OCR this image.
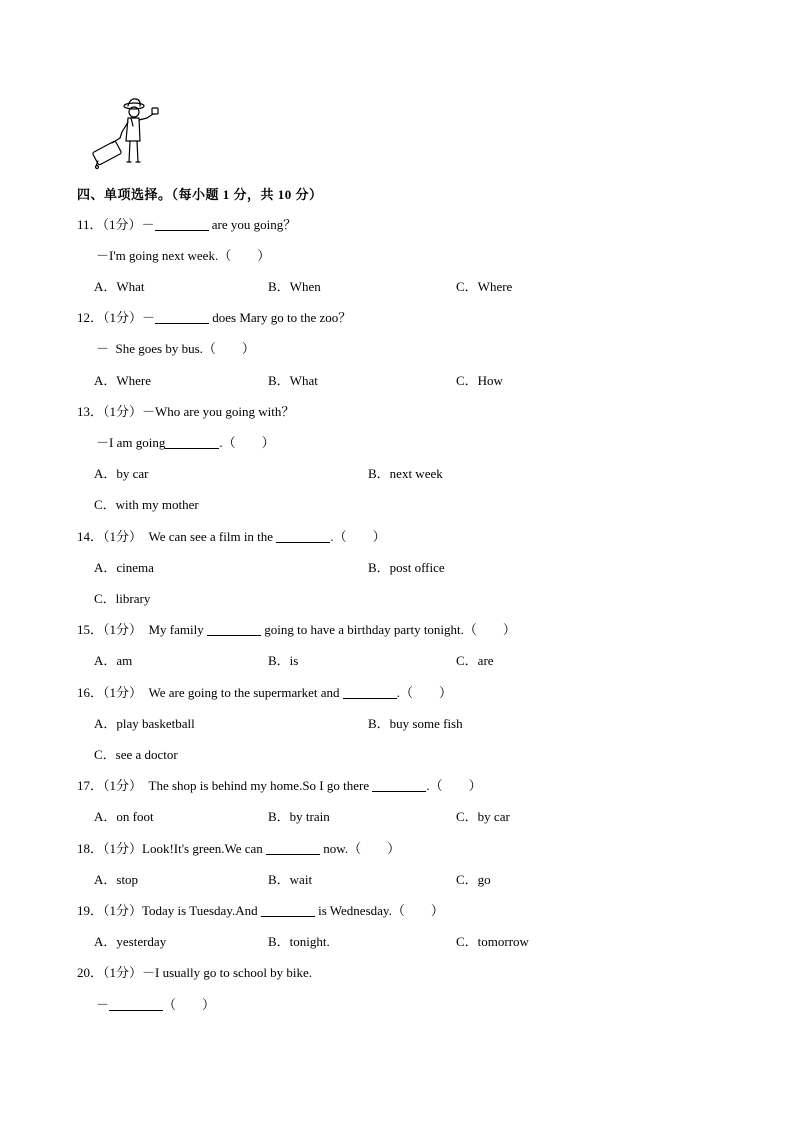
四、单项选择。（每小题 1 分，共 10 分）
11．（1分）－	are you going？
－I'm going next week.（　　）
A．What	B．When	C．Where
12．（1分）－	does Mary go to the zoo？
－  She goes by bus.（　　）
A．Where	B．What	C．How
13．（1分）－Who are you going with？
－I am going	.（　　）
A．by car	B．next week
C．with my mother
14．（1分）  We can see a film in the	.（　　）
A．cinema	B．post office
C．library
15．（1分）  My family	going to have a birthday party tonight.（　　）
A．am	B．is	C．are
16．（1分）  We are going to the supermarket and	.（　　）
A．play basketball	B．buy some fish
C．see a doctor
17．（1分）  The shop is behind my home.So I go there	.（　　）
A．on foot	B．by train	C．by car
18．（1分）Look!It's green.We can	now.（　　）
A．stop	B．wait	C．go
19．（1分）Today is Tuesday.And	is Wednesday.（　　）
A．yesterday	B．tonight.	C．tomorrow
20．（1分）－I usually go to school by bike.
－	（　　）
